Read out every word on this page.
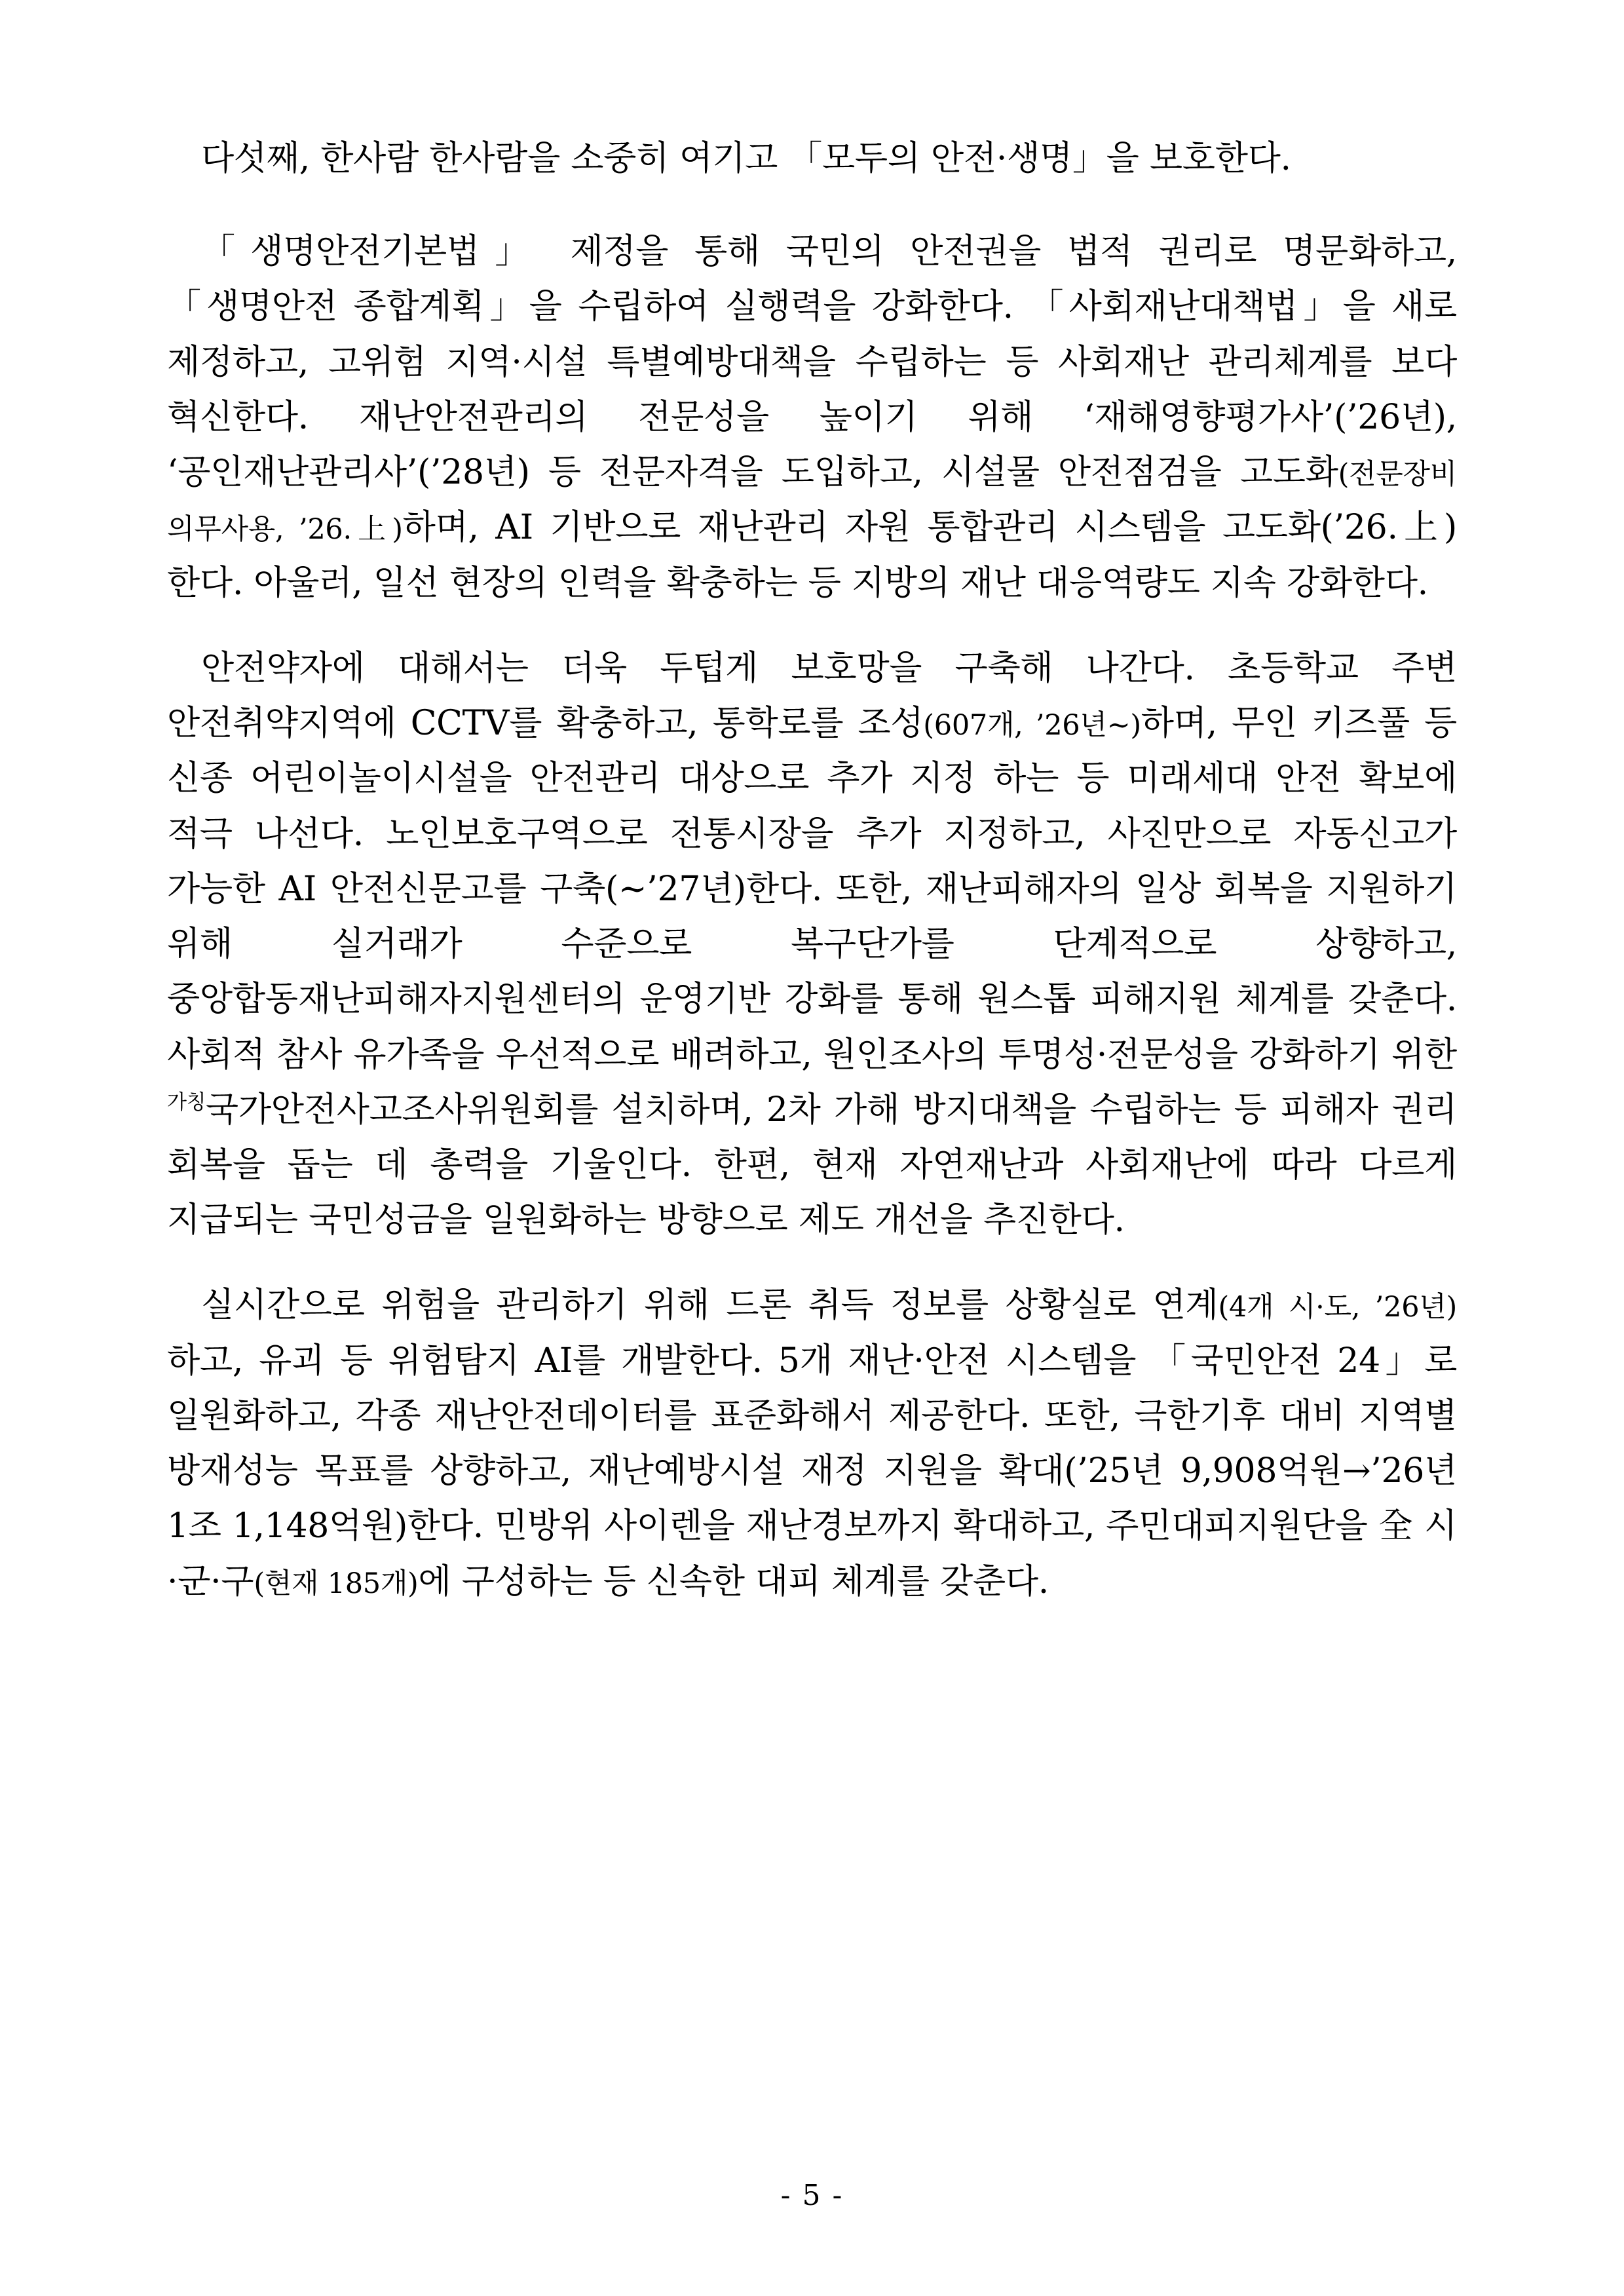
다섯째, 한사람 한사람을 소중히 여기고 「모두의 안전·생명」을 보호한다.

「생명안전기본법」 제정을 통해 국민의 안전권을 법적 권리로 명문화하고, 「생명안전 종합계획」을 수립하여 실행력을 강화한다. 「사회재난대책법」을 새로 제정하고, 고위험 지역·시설 특별예방대책을 수립하는 등 사회재난 관리체계를 보다 혁신한다. 재난안전관리의 전문성을 높이기 위해 ‘재해영향평가사’(’26년), ‘공인재난관리사’(’28년) 등 전문자격을 도입하고, 시설물 안전점검을 고도화(전문장비 의무사용, ’26.上)하며, AI 기반으로 재난관리 자원 통합관리 시스템을 고도화(’26.上) 한다. 아울러, 일선 현장의 인력을 확충하는 등 지방의 재난 대응역량도 지속 강화한다.

안전약자에 대해서는 더욱 두텁게 보호망을 구축해 나간다. 초등학교 주변 안전취약지역에 CCTV를 확충하고, 통학로를 조성(607개, ’26년~)하며, 무인 키즈풀 등 신종 어린이놀이시설을 안전관리 대상으로 추가 지정 하는 등 미래세대 안전 확보에 적극 나선다. 노인보호구역으로 전통시장을 추가 지정하고, 사진만으로 자동신고가 가능한 AI 안전신문고를 구축(~’27년)한다. 또한, 재난피해자의 일상 회복을 지원하기 위해 실거래가 수준으로 복구단가를 단계적으로 상향하고, 중앙합동재난피해자지원센터의 운영기반 강화를 통해 원스톱 피해지원 체계를 갖춘다. 사회적 참사 유가족을 우선적으로 배려하고, 원인조사의 투명성·전문성을 강화하기 위한 $^{가칭}$국가안전사고조사위원회를 설치하며, 2차 가해 방지대책을 수립하는 등 피해자 권리 회복을 돕는 데 총력을 기울인다. 한편, 현재 자연재난과 사회재난에 따라 다르게 지급되는 국민성금을 일원화하는 방향으로 제도 개선을 추진한다.

실시간으로 위험을 관리하기 위해 드론 취득 정보를 상황실로 연계(4개 시·도, ’26년)하고, 유괴 등 위험탐지 AI를 개발한다. 5개 재난·안전 시스템을 「국민안전 24」로 일원화하고, 각종 재난안전데이터를 표준화해서 제공한다. 또한, 극한기후 대비 지역별 방재성능 목표를 상향하고, 재난예방시설 재정 지원을 확대(’25년 9,908억원→’26년 1조 1,148억원)한다. 민방위 사이렌을 재난경보까지 확대하고, 주민대피지원단을 全 시·군·구(현재 185개)에 구성하는 등 신속한 대피 체계를 갖춘다.

- 5 -
